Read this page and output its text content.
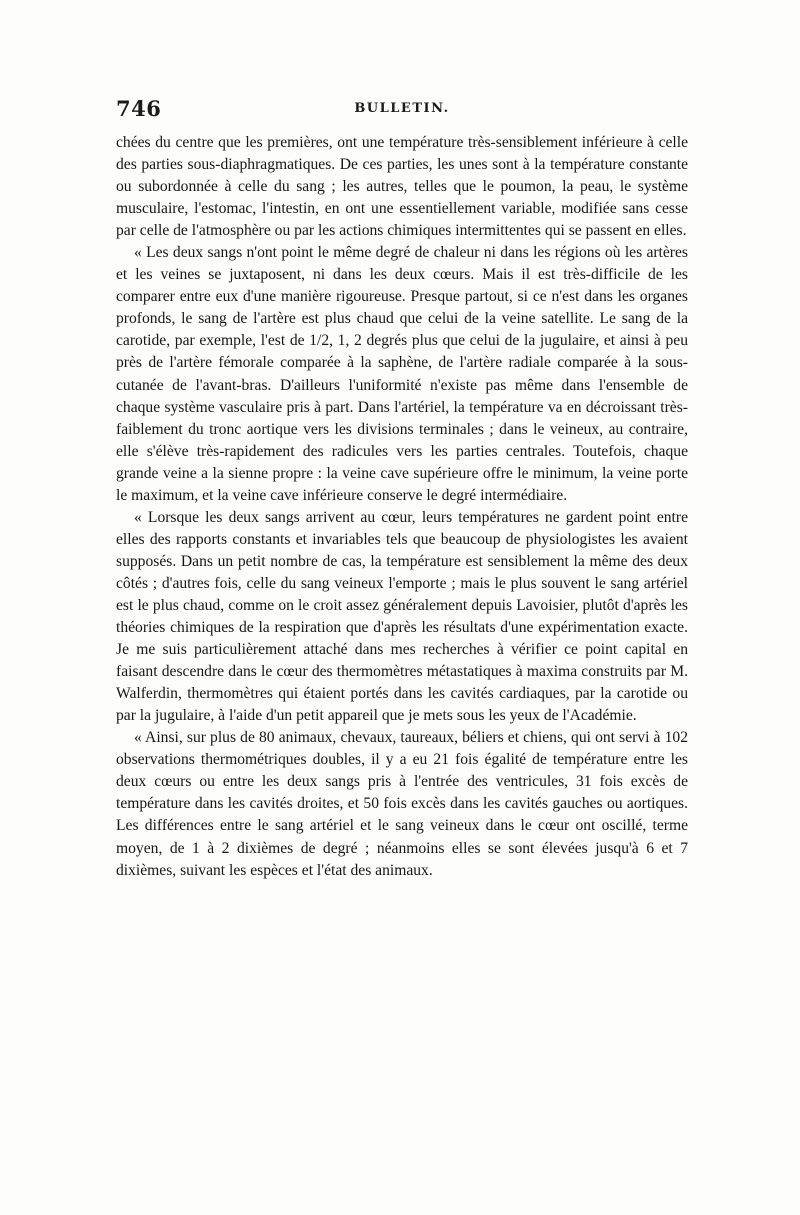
746	BULLETIN.

chées du centre que les premières, ont une température très-sensiblement inférieure à celle des parties sous-diaphragmatiques. De ces parties, les unes sont à la température constante ou subordonnée à celle du sang ; les autres, telles que le poumon, la peau, le système musculaire, l'estomac, l'intestin, en ont une essentiellement variable, modifiée sans cesse par celle de l'atmosphère ou par les actions chimiques intermittentes qui se passent en elles.

« Les deux sangs n'ont point le même degré de chaleur ni dans les régions où les artères et les veines se juxtaposent, ni dans les deux cœurs. Mais il est très-difficile de les comparer entre eux d'une manière rigoureuse. Presque partout, si ce n'est dans les organes profonds, le sang de l'artère est plus chaud que celui de la veine satellite. Le sang de la carotide, par exemple, l'est de 1/2, 1, 2 degrés plus que celui de la jugulaire, et ainsi à peu près de l'artère fémorale comparée à la saphène, de l'artère radiale comparée à la sous-cutanée de l'avant-bras. D'ailleurs l'uniformité n'existe pas même dans l'ensemble de chaque système vasculaire pris à part. Dans l'artériel, la température va en décroissant très-faiblement du tronc aortique vers les divisions terminales ; dans le veineux, au contraire, elle s'élève très-rapidement des radicules vers les parties centrales. Toutefois, chaque grande veine a la sienne propre : la veine cave supérieure offre le minimum, la veine porte le maximum, et la veine cave inférieure conserve le degré intermédiaire.

« Lorsque les deux sangs arrivent au cœur, leurs températures ne gardent point entre elles des rapports constants et invariables tels que beaucoup de physiologistes les avaient supposés. Dans un petit nombre de cas, la température est sensiblement la même des deux côtés ; d'autres fois, celle du sang veineux l'emporte ; mais le plus souvent le sang artériel est le plus chaud, comme on le croit assez généralement depuis Lavoisier, plutôt d'après les théories chimiques de la respiration que d'après les résultats d'une expérimentation exacte. Je me suis particulièrement attaché dans mes recherches à vérifier ce point capital en faisant descendre dans le cœur des thermomètres métastatiques à maxima construits par M. Walferdin, thermomètres qui étaient portés dans les cavités cardiaques, par la carotide ou par la jugulaire, à l'aide d'un petit appareil que je mets sous les yeux de l'Académie.

« Ainsi, sur plus de 80 animaux, chevaux, taureaux, béliers et chiens, qui ont servi à 102 observations thermométriques doubles, il y a eu 21 fois égalité de température entre les deux cœurs ou entre les deux sangs pris à l'entrée des ventricules, 31 fois excès de température dans les cavités droites, et 50 fois excès dans les cavités gauches ou aortiques. Les différences entre le sang artériel et le sang veineux dans le cœur ont oscillé, terme moyen, de 1 à 2 dixièmes de degré ; néanmoins elles se sont élevées jusqu'à 6 et 7 dixièmes, suivant les espèces et l'état des animaux.
